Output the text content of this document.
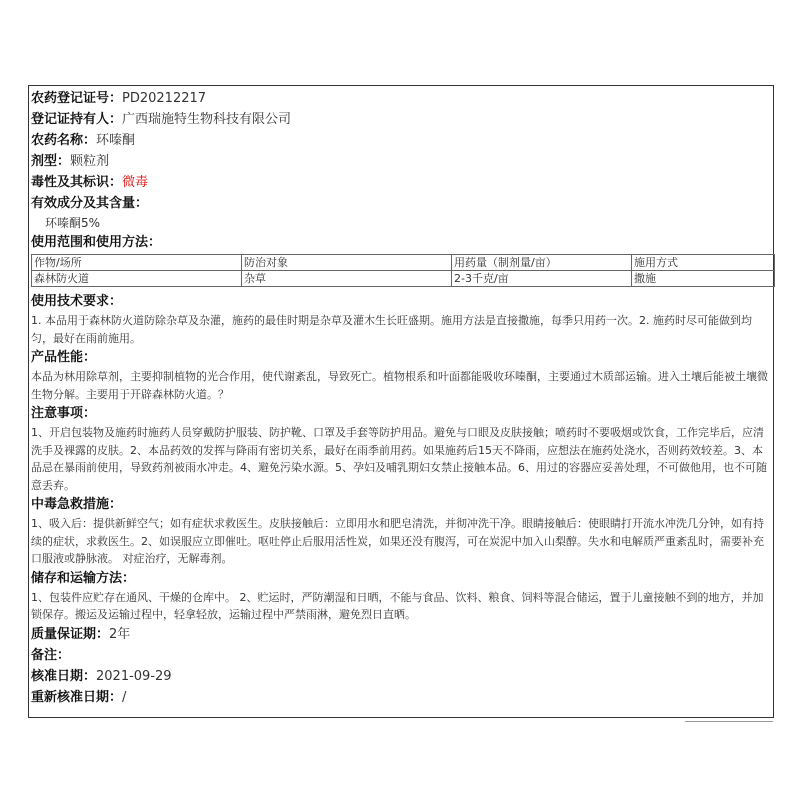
农药登记证号：PD20212217
登记证持有人：广西瑞施特生物科技有限公司
农药名称：环嗪酮
剂型：颗粒剂
毒性及其标识：微毒
有效成分及其含量：
环嗪酮5%
使用范围和使用方法：
作物/场所	防治对象	用药量（制剂量/亩）	施用方式
森林防火道	杂草	2-3千克/亩	撒施
使用技术要求：
1. 本品用于森林防火道防除杂草及杂灌，施药的最佳时期是杂草及灌木生长旺盛期。施用方法是直接撒施，每季只用药一次。2. 施药时尽可能做到均匀，最好在雨前施用。
产品性能：
本品为林用除草剂，主要抑制植物的光合作用，使代谢紊乱，导致死亡。植物根系和叶面都能吸收环嗪酮，主要通过木质部运输。进入土壤后能被土壤微生物分解。主要用于开辟森林防火道。？
注意事项：
1、开启包装物及施药时施药人员穿戴防护服装、防护靴、口罩及手套等防护用品。避免与口眼及皮肤接触；喷药时不要吸烟或饮食，工作完毕后，应清洗手及裸露的皮肤。2、本品药效的发挥与降雨有密切关系，最好在雨季前用药。如果施药后15天不降雨，应想法在施药处浇水，否则药效较差。3、本品忌在暴雨前使用，导致药剂被雨水冲走。4、避免污染水源。5、孕妇及哺乳期妇女禁止接触本品。6、用过的容器应妥善处理，不可做他用，也不可随意丢弃。
中毒急救措施：
1、吸入后：提供新鲜空气；如有症状求救医生。皮肤接触后：立即用水和肥皂清洗，并彻冲洗干净。眼睛接触后：使眼睛打开流水冲洗几分钟，如有持续的症状，求救医生。2、如误服应立即催吐。呕吐停止后服用活性炭，如果还没有腹泻，可在炭泥中加入山梨醇。失水和电解质严重紊乱时，需要补充口服液或静脉液。 对症治疗，无解毒剂。
储存和运输方法：
1、包装件应贮存在通风、干燥的仓库中。 2、贮运时，严防潮湿和日晒，不能与食品、饮料、粮食、饲料等混合储运，置于儿童接触不到的地方，并加锁保存。搬运及运输过程中，轻拿轻放，运输过程中严禁雨淋，避免烈日直晒。
质量保证期：2年
备注：
核准日期：2021-09-29
重新核准日期：/
